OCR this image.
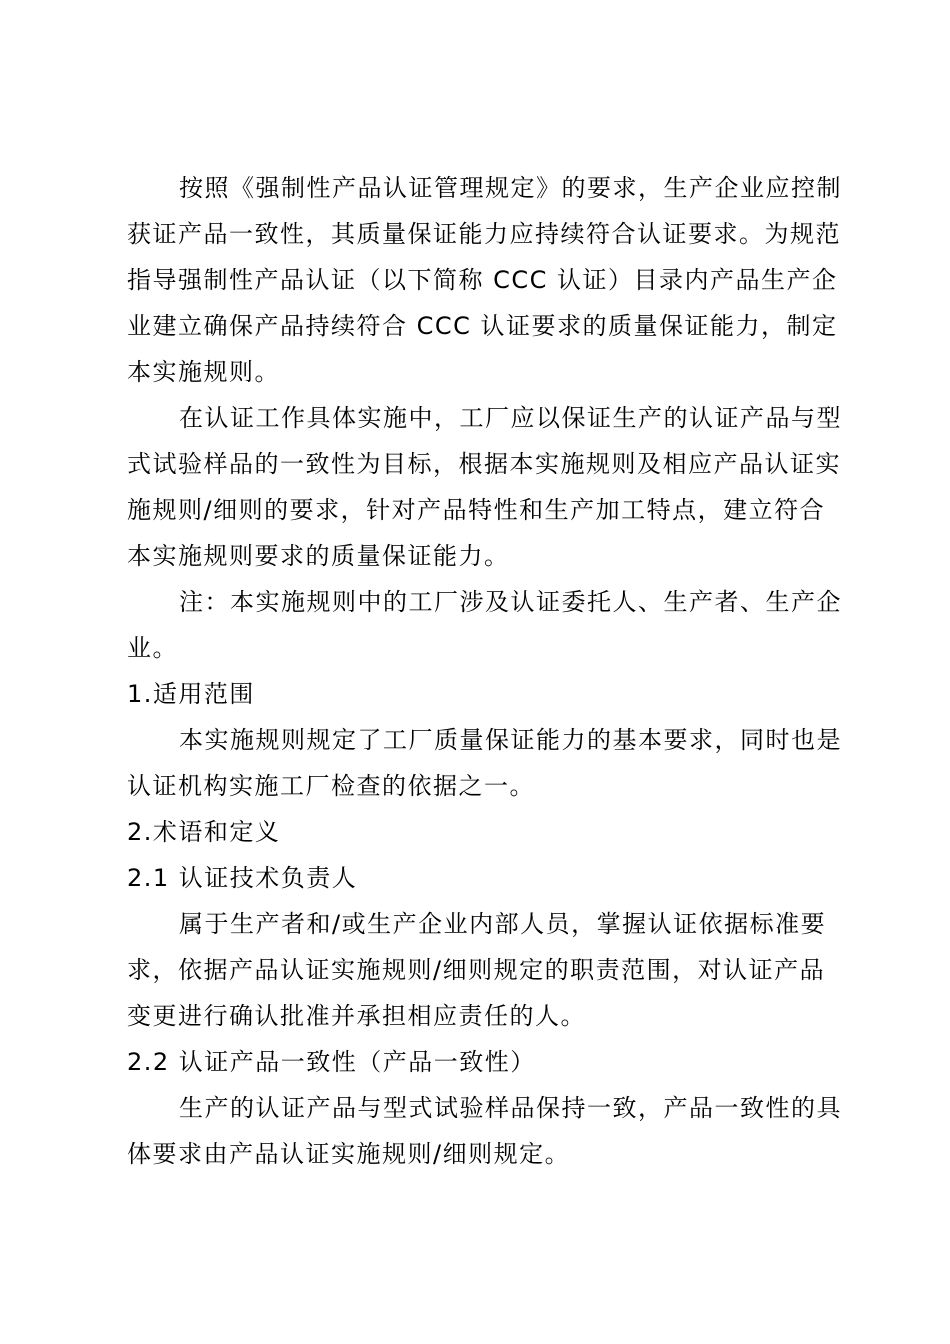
按照《强制性产品认证管理规定》的要求，生产企业应控制
获证产品一致性，其质量保证能力应持续符合认证要求。为规范
指导强制性产品认证（以下简称 CCC 认证）目录内产品生产企
业建立确保产品持续符合 CCC 认证要求的质量保证能力，制定
本实施规则。
在认证工作具体实施中，工厂应以保证生产的认证产品与型
式试验样品的一致性为目标，根据本实施规则及相应产品认证实
施规则/细则的要求，针对产品特性和生产加工特点，建立符合
本实施规则要求的质量保证能力。
注：本实施规则中的工厂涉及认证委托人、生产者、生产企
业。
1.适用范围
本实施规则规定了工厂质量保证能力的基本要求，同时也是
认证机构实施工厂检查的依据之一。
2.术语和定义
2.1 认证技术负责人
属于生产者和/或生产企业内部人员，掌握认证依据标准要
求，依据产品认证实施规则/细则规定的职责范围，对认证产品
变更进行确认批准并承担相应责任的人。
2.2 认证产品一致性（产品一致性）
生产的认证产品与型式试验样品保持一致，产品一致性的具
体要求由产品认证实施规则/细则规定。
